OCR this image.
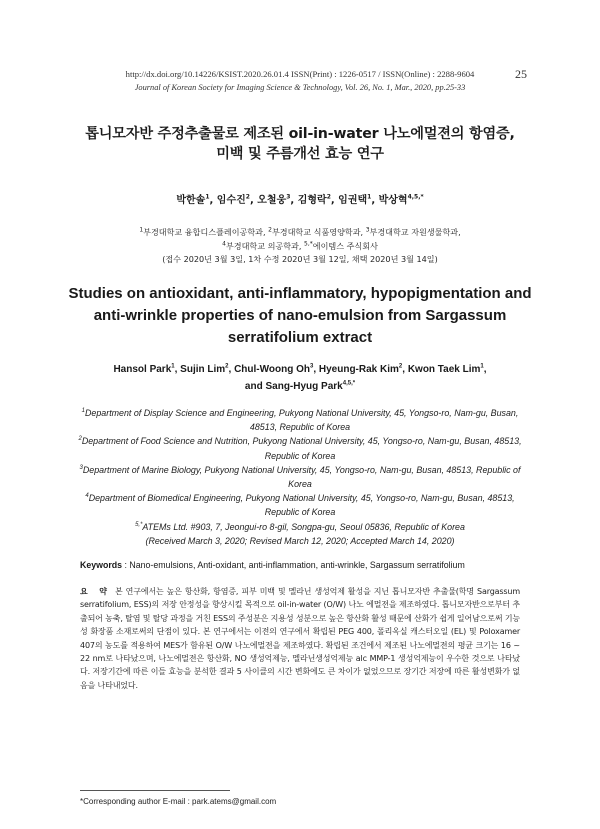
http://dx.doi.org/10.14226/KSIST.2020.26.01.4 ISSN(Print) : 1226-0517 / ISSN(Online) : 2288-9604	25
Journal of Korean Society for Imaging Science & Technology, Vol. 26, No. 1, Mar., 2020, pp.25-33
톱니모자반 주정추출물로 제조된 oil-in-water 나노에멀젼의 항염증,
미백 및 주름개선 효능 연구
박한솔$^1$, 임수진$^2$, 오철웅$^3$, 김형락$^2$, 임권택$^1$, 박상혁$^{4,5,*}$
$^1$부경대학교 융합디스플레이공학과, $^2$부경대학교 식품영양학과, $^3$부경대학교 자원생물학과,
$^4$부경대학교 의공학과, $^{5,*}$에이템스 주식회사
(접수 2020년 3월 3일, 1차 수정 2020년 3월 12일, 채택 2020년 3월 14일)
Studies on antioxidant, anti-inflammatory, hypopigmentation and
anti-wrinkle properties of nano-emulsion from Sargassum
serratifolium extract
Hansol Park$^1$, Sujin Lim$^2$, Chul-Woong Oh$^3$, Hyeung-Rak Kim$^2$, Kwon Taek Lim$^1$,
and Sang-Hyug Park$^{4,5,*}$
$^1$Department of Display Science and Engineering, Pukyong National University, 45, Yongso-ro, Nam-gu, Busan, 48513, Republic of Korea
$^2$Department of Food Science and Nutrition, Pukyong National University, 45, Yongso-ro, Nam-gu, Busan, 48513, Republic of Korea
$^3$Department of Marine Biology, Pukyong National University, 45, Yongso-ro, Nam-gu, Busan, 48513, Republic of Korea
$^4$Department of Biomedical Engineering, Pukyong National University, 45, Yongso-ro, Nam-gu, Busan, 48513, Republic of Korea
$^{5,*}$ATEMs Ltd. #903, 7, Jeongui-ro 8-gil, Songpa-gu, Seoul 05836, Republic of Korea
(Received March 3, 2020; Revised March 12, 2020; Accepted March 14, 2020)
Keywords : Nano-emulsions, Anti-oxidant, anti-inflammation, anti-wrinkle, Sargassum serratifolium
요 약 본 연구에서는 높은 항산화, 항염증, 피부 미백 및 멜라닌 생성억제 활성을 지닌 톱니모자반 추출물(학명 Sargassum serratifolium, ESS)의 저장 안정성을 향상시킬 목적으로 oil-in-water (O/W) 나노 에멀젼을 제조하였다. 톱니모자반으로부터 추출되어 농축, 탈염 및 탈당 과정을 거친 ESS의 주성분은 지용성 성분으로 높은 항산화 활성 때문에 산화가 쉽게 일어남으로써 기능성 화장품 소재로써의 단점이 있다. 본 연구에서는 이전의 연구에서 확립된 PEG 400, 폴리옥실 캐스터오일 (EL) 및 Poloxamer 407의 농도를 적용하여 MES가 함유된 O/W 나노에멀젼을 제조하였다. 확립된 조건에서 제조된 나노에멀젼의 평균 크기는 16 ~ 22 nm로 나타났으며, 나노에멀젼은 항산화, NO 생성억제능, 멜라닌생성억제능 alc MMP-1 생성억제능이 우수한 것으로 나타났다. 저장기간에 따른 이들 효능을 분석한 결과 5 사이클의 시간 변화에도 큰 차이가 없었으므로 장기간 저장에 따른 활성변화가 없음을 나타내었다.
*Corresponding author E-mail : park.atems@gmail.com
